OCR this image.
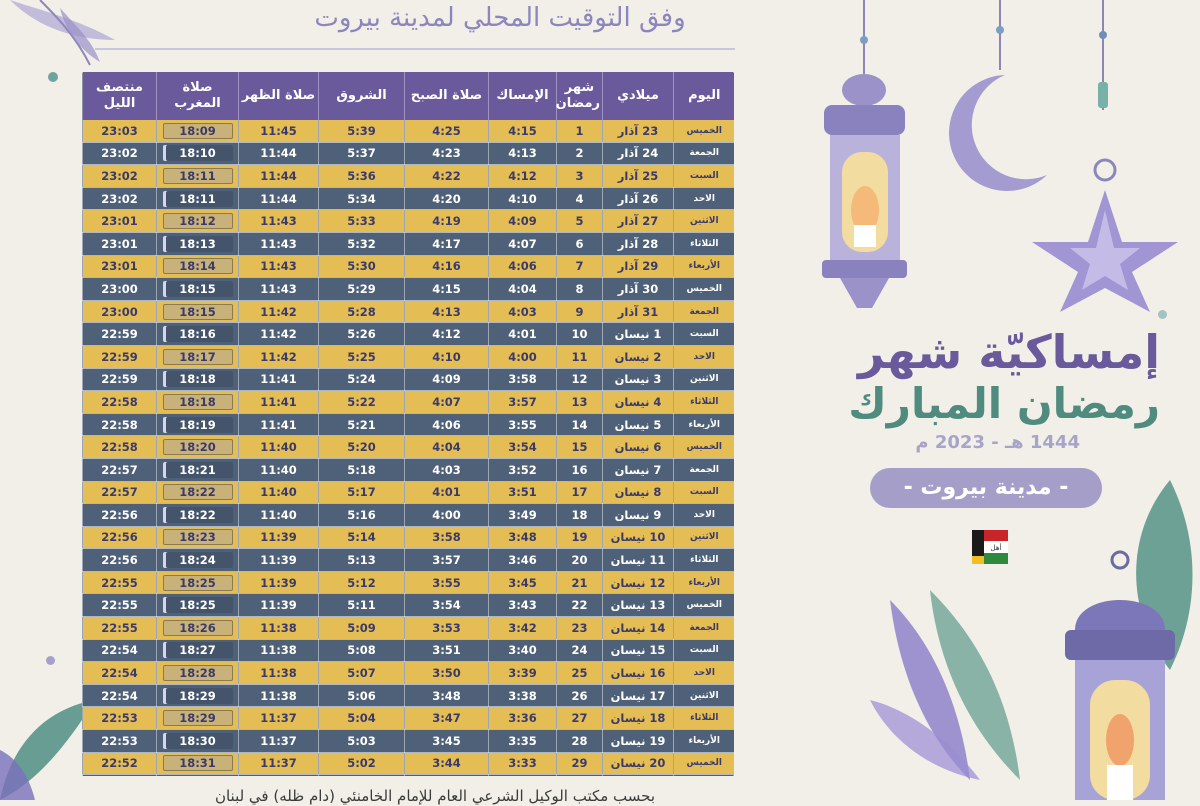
وفق التوقيت المحلي لمدينة بيروت
اليوم	ميلادي	شهر رمضان	الإمساك	صلاة الصبح	الشروق	صلاة الظهر	صلاة المغرب	منتصف الليل
الخميس	23 آذار	1	4:15	4:25	5:39	11:45	18:09	23:03
الجمعة	24 آذار	2	4:13	4:23	5:37	11:44	18:10	23:02
السبت	25 آذار	3	4:12	4:22	5:36	11:44	18:11	23:02
الاحد	26 آذار	4	4:10	4:20	5:34	11:44	18:11	23:02
الاثنين	27 آذار	5	4:09	4:19	5:33	11:43	18:12	23:01
الثلاثاء	28 آذار	6	4:07	4:17	5:32	11:43	18:13	23:01
الأربعاء	29 آذار	7	4:06	4:16	5:30	11:43	18:14	23:01
الخميس	30 آذار	8	4:04	4:15	5:29	11:43	18:15	23:00
الجمعة	31 آذار	9	4:03	4:13	5:28	11:42	18:15	23:00
السبت	1 نيسان	10	4:01	4:12	5:26	11:42	18:16	22:59
الاحد	2 نيسان	11	4:00	4:10	5:25	11:42	18:17	22:59
الاثنين	3 نيسان	12	3:58	4:09	5:24	11:41	18:18	22:59
الثلاثاء	4 نيسان	13	3:57	4:07	5:22	11:41	18:18	22:58
الأربعاء	5 نيسان	14	3:55	4:06	5:21	11:41	18:19	22:58
الخميس	6 نيسان	15	3:54	4:04	5:20	11:40	18:20	22:58
الجمعة	7 نيسان	16	3:52	4:03	5:18	11:40	18:21	22:57
السبت	8 نيسان	17	3:51	4:01	5:17	11:40	18:22	22:57
الاحد	9 نيسان	18	3:49	4:00	5:16	11:40	18:22	22:56
الاثنين	10 نيسان	19	3:48	3:58	5:14	11:39	18:23	22:56
الثلاثاء	11 نيسان	20	3:46	3:57	5:13	11:39	18:24	22:56
الأربعاء	12 نيسان	21	3:45	3:55	5:12	11:39	18:25	22:55
الخميس	13 نيسان	22	3:43	3:54	5:11	11:39	18:25	22:55
الجمعة	14 نيسان	23	3:42	3:53	5:09	11:38	18:26	22:55
السبت	15 نيسان	24	3:40	3:51	5:08	11:38	18:27	22:54
الاحد	16 نيسان	25	3:39	3:50	5:07	11:38	18:28	22:54
الاثنين	17 نيسان	26	3:38	3:48	5:06	11:38	18:29	22:54
الثلاثاء	18 نيسان	27	3:36	3:47	5:04	11:37	18:29	22:53
الأربعاء	19 نيسان	28	3:35	3:45	5:03	11:37	18:30	22:53
الخميس	20 نيسان	29	3:33	3:44	5:02	11:37	18:31	22:52

إمساكيّة شهر
رمضان المبارك
1444 هـ - 2023 م
- مدينة بيروت -
أهل
بحسب مكتب الوكيل الشرعي العام للإمام الخامنئي (دام ظله) في لبنان
